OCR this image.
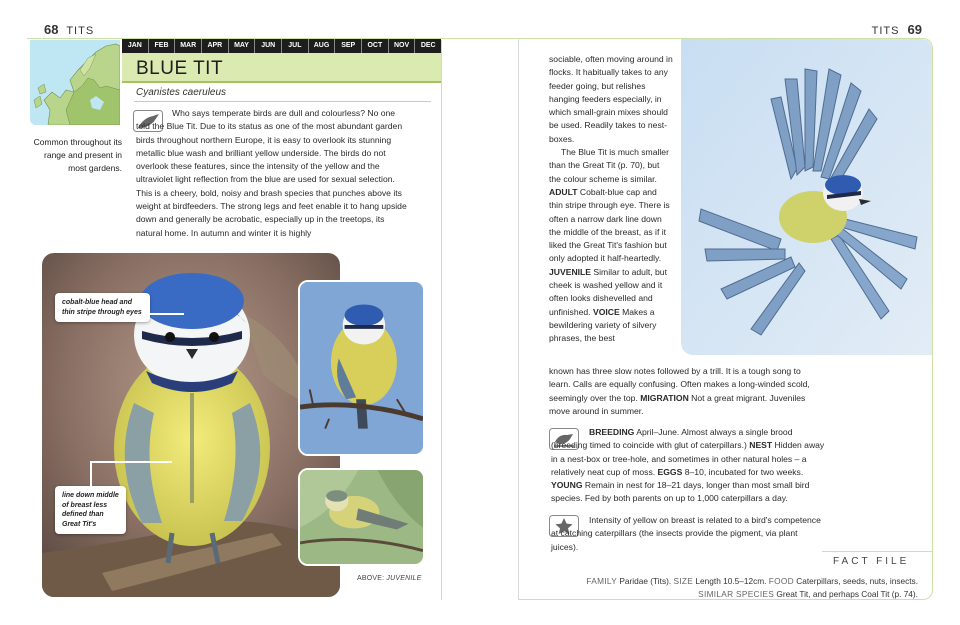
68 TITS	TITS 69
Common throughout its range and present in most gardens.
JAN	FEB	MAR	APR	MAY	JUN	JUL	AUG	SEP	OCT	NOV	DEC
BLUE TIT
Cyanistes caeruleus

Who says temperate birds are dull and colourless? No one told the Blue Tit. Due to its status as one of the most abundant garden birds throughout northern Europe, it is easy to overlook its stunning metallic blue wash and brilliant yellow underside. The birds do not overlook these features, since the intensity of the yellow and the ultraviolet light reflection from the blue are used for sexual selection. This is a cheery, bold, noisy and brash species that punches above its weight at birdfeeders. The strong legs and feet enable it to hang upside down and generally be acrobatic, especially up in the treetops, its natural home. In autumn and winter it is highly

cobalt-blue head and thin stripe through eyes
line down middle of breast less defined than Great Tit's
ABOVE: JUVENILE

sociable, often moving around in flocks. It habitually takes to any feeder going, but relishes hanging feeders especially, in which small-grain mixes should be used. Readily takes to nest-boxes.

The Blue Tit is much smaller than the Great Tit (p. 70), but the colour scheme is similar. ADULT Cobalt-blue cap and thin stripe through eye. There is often a narrow dark line down the middle of the breast, as if it liked the Great Tit's fashion but only adopted it half-heartedly. JUVENILE Similar to adult, but cheek is washed yellow and it often looks dishevelled and unfinished. VOICE Makes a bewildering variety of silvery phrases, the best

known has three slow notes followed by a trill. It is a tough song to learn. Calls are equally confusing. Often makes a long-winded scold, seemingly over the top. MIGRATION Not a great migrant. Juveniles move around in summer.

BREEDING April–June. Almost always a single brood (breeding timed to coincide with glut of caterpillars.) NEST Hidden away in a nest-box or tree-hole, and sometimes in other natural holes – a relatively neat cup of moss. EGGS 8–10, incubated for two weeks. YOUNG Remain in nest for 18–21 days, longer than most small bird species. Fed by both parents on up to 1,000 caterpillars a day.

Intensity of yellow on breast is related to a bird's competence at catching caterpillars (the insects provide the pigment, via plant juices).

FACT FILE
FAMILY Paridae (Tits). SIZE Length 10.5–12cm. FOOD Caterpillars, seeds, nuts, insects.
SIMILAR SPECIES Great Tit, and perhaps Coal Tit (p. 74).
